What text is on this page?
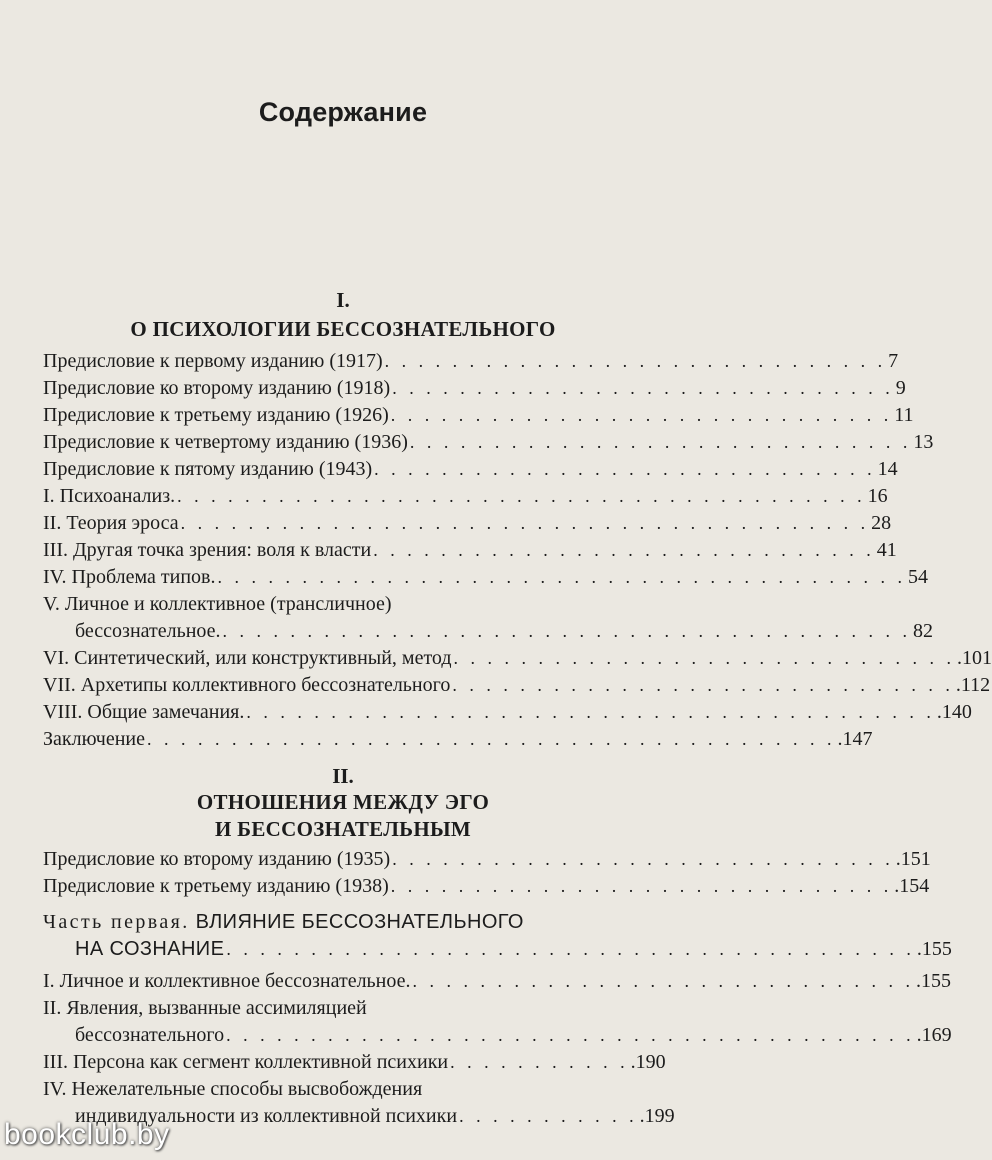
Содержание
I.
О ПСИХОЛОГИИ БЕССОЗНАТЕЛЬНОГО
Предисловие к первому изданию (1917) . . . . . . . . . . . . . . . . . . . . . . . . . . . . . . 7
Предисловие ко второму изданию (1918) . . . . . . . . . . . . . . . . . . . . . . . . . . . . . . 9
Предисловие к третьему изданию (1926) . . . . . . . . . . . . . . . . . . . . . . . . . . . . . . 11
Предисловие к четвертому изданию (1936) . . . . . . . . . . . . . . . . . . . . . . . . . . . . . . 13
Предисловие к пятому изданию (1943) . . . . . . . . . . . . . . . . . . . . . . . . . . . . . . 14
I. Психоанализ. . . . . . . . . . . . . . . . . . . . . . . . . . . . . . . . . . . . . . . . . . 16
II. Теория эроса . . . . . . . . . . . . . . . . . . . . . . . . . . . . . . . . . . . . . . . . . 28
III. Другая точка зрения: воля к власти . . . . . . . . . . . . . . . . . . . . . . . . . . . . . . 41
IV. Проблема типов. . . . . . . . . . . . . . . . . . . . . . . . . . . . . . . . . . . . . . . . . . 54
V. Личное и коллективное (транcличное)
бессознательное. . . . . . . . . . . . . . . . . . . . . . . . . . . . . . . . . . . . . . . . . . 82
VI. Синтетический, или конструктивный, метод . . . . . . . . . . . . . . . . . . . . . . . . . . . . . . .101
VII. Архетипы коллективного бессознательного . . . . . . . . . . . . . . . . . . . . . . . . . . . . . . .112
VIII. Общие замечания. . . . . . . . . . . . . . . . . . . . . . . . . . . . . . . . . . . . . . . . . . .140
Заключение . . . . . . . . . . . . . . . . . . . . . . . . . . . . . . . . . . . . . . . . . .147
II.
ОТНОШЕНИЯ МЕЖДУ ЭГО
И БЕССОЗНАТЕЛЬНЫМ
Предисловие ко второму изданию (1935) . . . . . . . . . . . . . . . . . . . . . . . . . . . . . . .151
Предисловие к третьему изданию (1938) . . . . . . . . . . . . . . . . . . . . . . . . . . . . . . .154
Часть первая. ВЛИЯНИЕ БЕССОЗНАТЕЛЬНОГО
НА СОЗНАНИЕ . . . . . . . . . . . . . . . . . . . . . . . . . . . . . . . . . . . . . . . . . .155
I. Личное и коллективное бессознательное. . . . . . . . . . . . . . . . . . . . . . . . . . . . . . . .155
II. Явления, вызванные ассимиляцией
бессознательного . . . . . . . . . . . . . . . . . . . . . . . . . . . . . . . . . . . . . . . . . .169
III. Персона как сегмент коллективной психики . . . . . . . . . . . .190
IV. Нежелательные способы высвобождения
индивидуальности из коллективной психики . . . . . . . . . . . .199
bookclub.by
